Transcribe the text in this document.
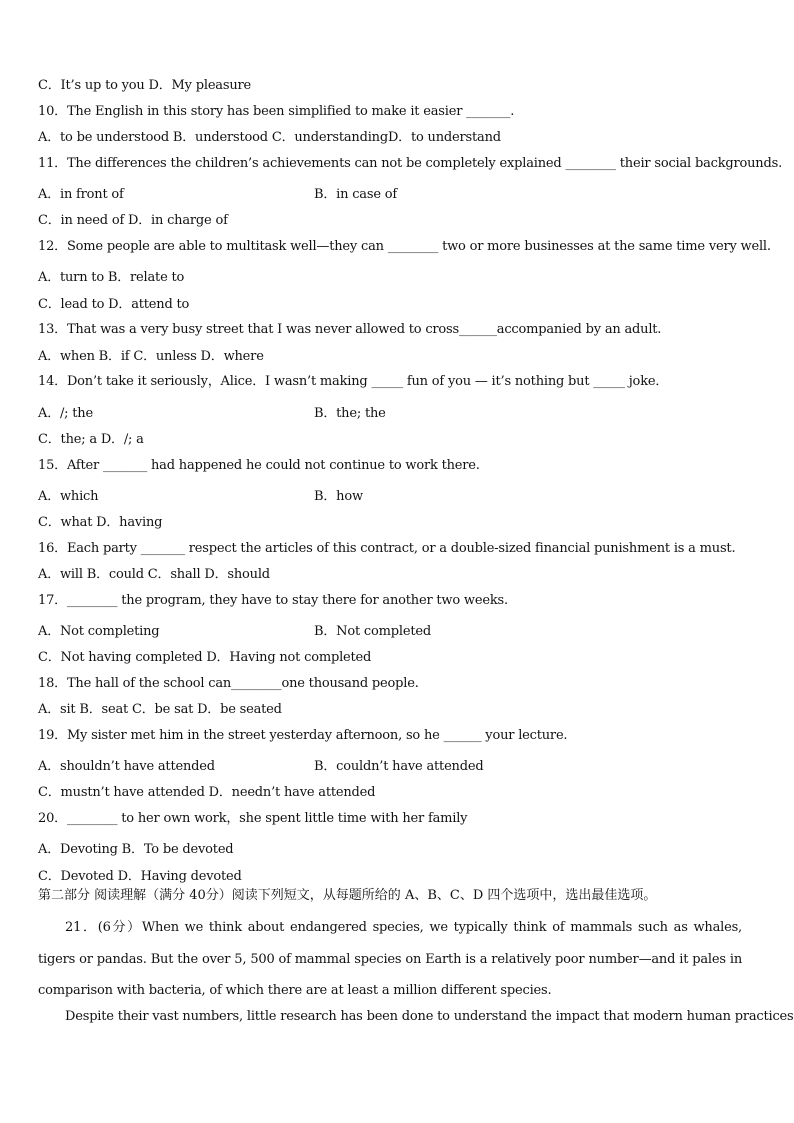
C．It’s up to you D．My pleasure
10．The English in this story has been simplified to make it easier _______.
A．to be understood B．understood C．understandingD．to understand
11．The differences the children’s achievements can not be completely explained ________ their social backgrounds.
A．in front of	B．in case of
C．in need of D．in charge of
12．Some people are able to multitask well—they can ________ two or more businesses at the same time very well.
A．turn to B．relate to
C．lead to D．attend to
13．That was a very busy street that I was never allowed to cross______accompanied by an adult.
A．when B．if C．unless D．where
14．Don’t take it seriously，Alice．I wasn’t making _____ fun of you — it’s nothing but _____ joke．
A．/; the	B．the; the
C．the; a D．/; a
15．After _______ had happened he could not continue to work there.
A．which	B．how
C．what D．having
16．Each party _______ respect the articles of this contract, or a double-sized financial punishment is a must.
A．will B．could C．shall D．should
17．________ the program, they have to stay there for another two weeks.
A．Not completing	B．Not completed
C．Not having completed D．Having not completed
18．The hall of the school can________one thousand people.
A．sit B．seat C．be sat D．be seated
19．My sister met him in the street yesterday afternoon, so he ______ your lecture.
A．shouldn’t have attended	B．couldn’t have attended
C．mustn’t have attended D．needn’t have attended
20．________ to her own work，she spent little time with her family
A．Devoting B．To be devoted
C．Devoted D．Having devoted
第二部分 阅读理解（满分 40分）阅读下列短文，从每题所给的 A、B、C、D 四个选项中，选出最佳选项。
21．(6分）When we think about endangered species, we typically think of mammals such as whales, tigers or pandas. But the over 5, 500 of mammal species on Earth is a relatively poor number—and it pales in comparison with bacteria, of which there are at least a million different species.
Despite their vast numbers, little research has been done to understand the impact that modern human practices
